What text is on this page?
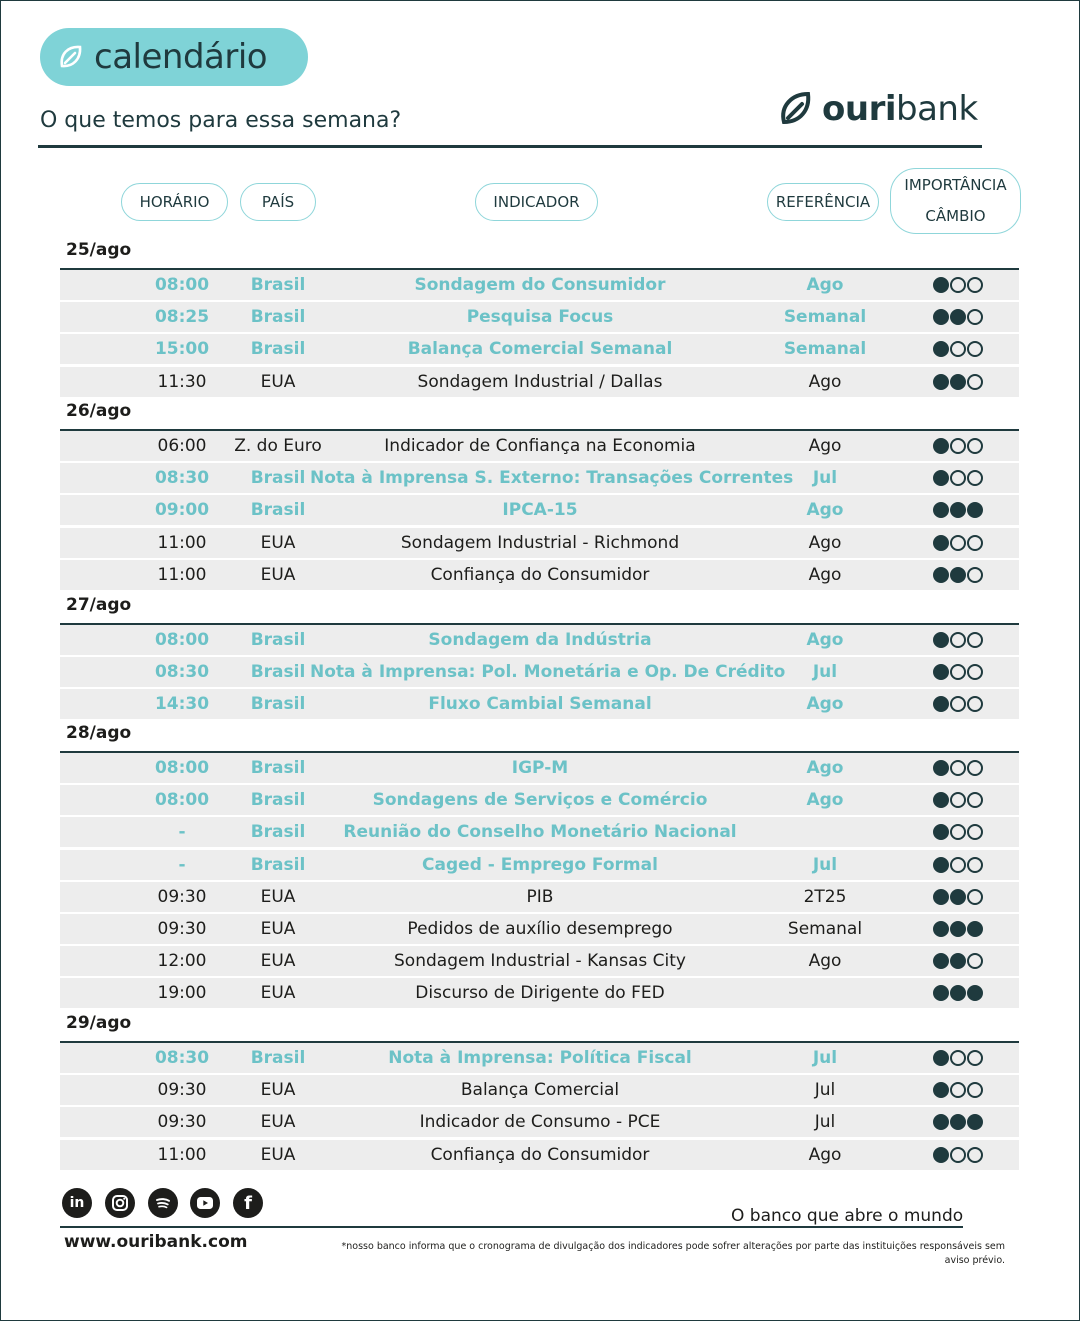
calendário
O que temos para essa semana?	ouribank
HORÁRIO	PAÍS	INDICADOR	REFERÊNCIA
IMPORTÂNCIA
CÂMBIO
25/ago
08:00	Brasil	Sondagem do Consumidor	Ago
08:25	Brasil	Pesquisa Focus	Semanal
15:00	Brasil	Balança Comercial Semanal	Semanal
11:30	EUA	Sondagem Industrial / Dallas	Ago
26/ago
06:00	Z. do Euro	Indicador de Confiança na Economia	Ago
08:30	Brasil Nota à Imprensa S. Externo: Transações Correntes	Jul
09:00	Brasil	IPCA-15	Ago
11:00	EUA	Sondagem Industrial - Richmond	Ago
11:00	EUA	Confiança do Consumidor	Ago
27/ago
08:00	Brasil	Sondagem da Indústria	Ago
08:30	Brasil Nota à Imprensa: Pol. Monetária e Op. De Crédito	Jul
14:30	Brasil	Fluxo Cambial Semanal	Ago
28/ago
08:00	Brasil	IGP-M	Ago
08:00	Brasil	Sondagens de Serviços e Comércio	Ago
-	Brasil	Reunião do Conselho Monetário Nacional
-	Brasil	Caged - Emprego Formal	Jul
09:30	EUA	PIB	2T25
09:30	EUA	Pedidos de auxílio desemprego	Semanal
12:00	EUA	Sondagem Industrial - Kansas City	Ago
19:00	EUA	Discurso de Dirigente do FED
29/ago
08:30	Brasil	Nota à Imprensa: Política Fiscal	Jul
09:30	EUA	Balança Comercial	Jul
09:30	EUA	Indicador de Consumo - PCE	Jul
11:00	EUA	Confiança do Consumidor	Ago
in	f
O banco que abre o mundo
www.ouribank.com	*nosso banco informa que o cronograma de divulgação dos indicadores pode sofrer alterações por parte das instituições responsáveis sem aviso prévio.
